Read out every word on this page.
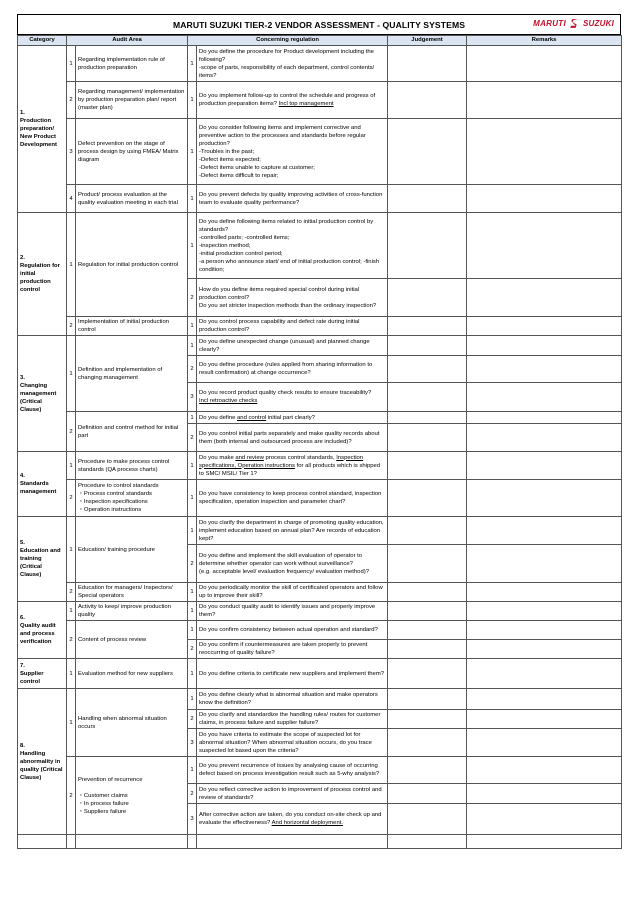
MARUTI SUZUKI TIER-2 VENDOR ASSESSMENT - QUALITY SYSTEMS	MARUTI SUZUKI
Category	Audit Area		Concerning regulation		Judgement	Remarks
1.
Production preparation/
New Product Development	1	Regarding implementation rule of production preparation	1	Do you define the procedure for Product development including the following?
-scope of parts, responsibility of each department, control contents/ items?		
	2	Regarding management/ implementation by production preparation plan/ report (master plan)	1	Do you implement follow-up to control the schedule and progress of production preparation items? Incl top management		
	3	Defect prevention on the stage of process design by using FMEA/ Matrix diagram	1	Do you consider following items and implement corrective and preventive action to the processes and standards before regular production?
-Troubles in the past;
-Defect items expected;
-Defect items unable to capture at customer;
-Defect items difficult to repair;		
	4	Product/ process evaluation at the quality evaluation meeting in each trial	1	Do you prevent defects by quality improving activities of cross-function team to evaluate quality performance?		
2.
Regulation for initial production control	1	Regulation for initial production control	1	Do you define following items related to initial production control by standards?
-controlled parts; -controlled items;
-inspection method;
-initial production control period;
-a person who announce start/ end of initial production control; -finish condition;		
			2	How do you define items required special control during initial production control?
Do you set stricter inspection methods than the ordinary inspection?		
	2	Implementation of initial production control	1	Do you control process capability and defect rate during initial production control?		
3.
Changing management (Critical Clause)	1	Definition and implementation of changing management	1	Do you define unexpected change (unusual) and planned change clearly?		
			2	Do you define procedure (rules applied from sharing information to result confirmation) at change occurrence?		
			3	Do you record product quality check results to ensure traceability?
Incl retroactive checks		
	2	Definition and control method for initial part	1	Do you define and control initial part clearly?		
			2	Do you control initial parts separately and make quality records about them (both internal and outsourced process are included)?		
4.
Standards management	1	Procedure to make process control standards (QA process charts)	1	Do you make and review process control standards, Inspection specifications, Operation instructions for all products which is shipped to SMC/ MSIL/ Tier 1?		
	2	Procedure to control standards
・Process control standards
・Inspection specifications
・Operation instructions	1	Do you have consistency to keep process control standard, inspection specification, operation inspection and parameter chart?		
5.
Education and training (Critical Clause)	1	Education/ training procedure	1	Do you clarify the department in charge of promoting quality education, implement education based on annual plan? Are records of education kept?		
			2	Do you define and implement the skill evaluation of operator to determine whether operator can work without surveillance?
(e.g. acceptable level/ evaluation frequency/ evaluation method)?		
	2	Education for managers/ Inspectors/ Special operators	1	Do you periodically monitor the skill of certificated operators and follow up to improve their skill?		
6.
Quality audit and process verification	1	Activity to keep/ improve production quality	1	Do you conduct quality audit to identify issues and properly improve them?		
	2	Content of process review	1	Do you confirm consistency between actual operation and standard?		
			2	Do you confirm if countermeasures are taken properly to prevent reoccurring of quality failure?		
7.
Supplier control	1	Evaluation method for new suppliers	1	Do you define criteria to certificate new suppliers and implement them?		
8.
Handling abnormality in quality (Critical Clause)	1	Handling when abnormal situation occurs	1	Do you define clearly what is abnormal situation and make operators know the definition?		
			2	Do you clarify and standardize the handling rules/ routes for customer claims, in process failure and supplier failure?		
			3	Do you have criteria to estimate the scope of suspected lot for abnormal situation? When abnormal situation occurs, do you trace suspected lot based upon the criteria?		
	2	Prevention of recurrence

・Customer claims
・In process failure
・Suppliers failure	1	Do you prevent recurrence of issues by analysing cause of occurring defect based on process investigation result such as 5-why analysis?		
			2	Do you reflect corrective action to improvement of process control and review of standards?		
			3	After corrective action are taken, do you conduct on-site check up and evaluate the effectiveness? And horizontal deployment.		
